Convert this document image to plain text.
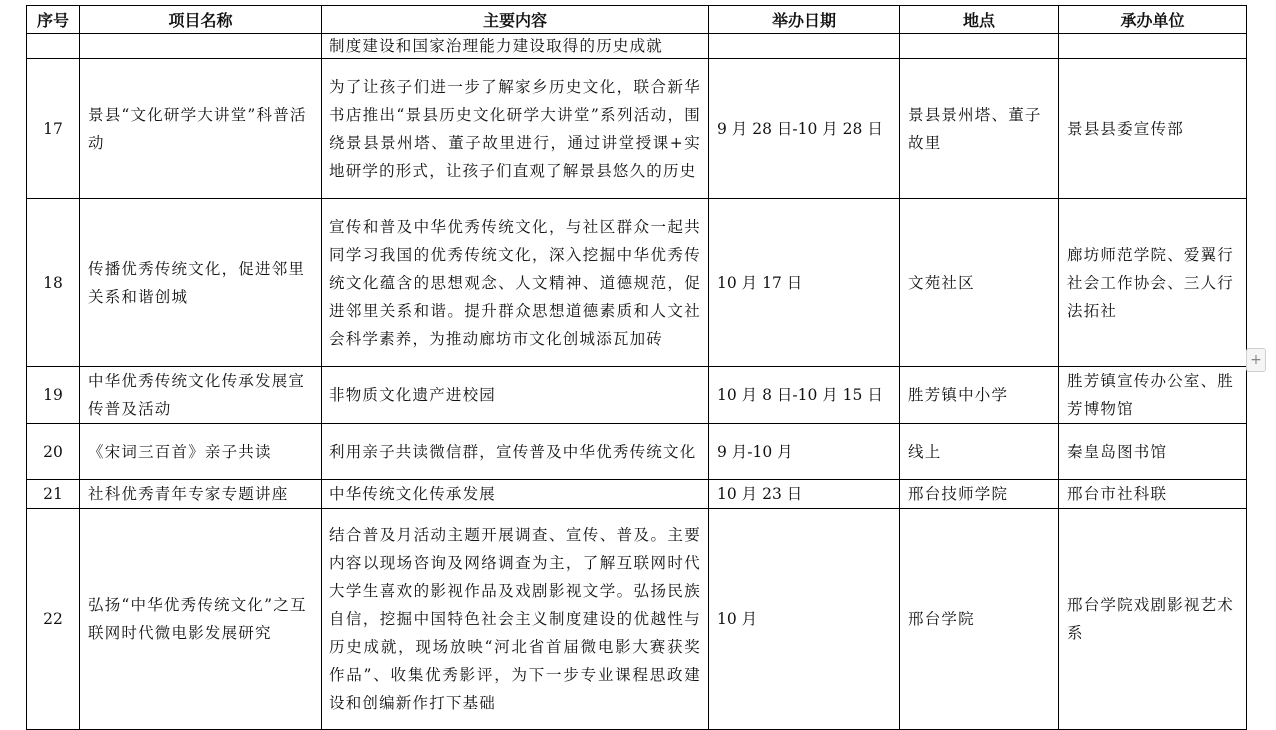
序号	项目名称	主要内容	举办日期	地点	承办单位
		制度建设和国家治理能力建设取得的历史成就			
17	景县“文化研学大讲堂”科普活动	为了让孩子们进一步了解家乡历史文化，联合新华书店推出“景县历史文化研学大讲堂”系列活动，围绕景县景州塔、董子故里进行，通过讲堂授课+实地研学的形式，让孩子们直观了解景县悠久的历史	9 月 28 日-10 月 28 日	景县景州塔、董子故里	景县县委宣传部
18	传播优秀传统文化，促进邻里关系和谐创城	宣传和普及中华优秀传统文化，与社区群众一起共同学习我国的优秀传统文化，深入挖掘中华优秀传统文化蕴含的思想观念、人文精神、道德规范，促进邻里关系和谐。提升群众思想道德素质和人文社会科学素养，为推动廊坊市文化创城添瓦加砖	10 月 17 日	文苑社区	廊坊师范学院、爱翼行社会工作协会、三人行法拓社
19	中华优秀传统文化传承发展宣传普及活动	非物质文化遗产进校园	10 月 8 日-10 月 15 日	胜芳镇中小学	胜芳镇宣传办公室、胜芳博物馆
20	《宋词三百首》亲子共读	利用亲子共读微信群，宣传普及中华优秀传统文化	9 月-10 月	线上	秦皇岛图书馆
21	社科优秀青年专家专题讲座	中华传统文化传承发展	10 月 23 日	邢台技师学院	邢台市社科联
22	弘扬“中华优秀传统文化”之互联网时代微电影发展研究	结合普及月活动主题开展调查、宣传、普及。主要内容以现场咨询及网络调查为主，了解互联网时代大学生喜欢的影视作品及戏剧影视文学。弘扬民族自信，挖掘中国特色社会主义制度建设的优越性与历史成就，现场放映“河北省首届微电影大赛获奖作品”、收集优秀影评，为下一步专业课程思政建设和创编新作打下基础	10 月	邢台学院	邢台学院戏剧影视艺术系
+
